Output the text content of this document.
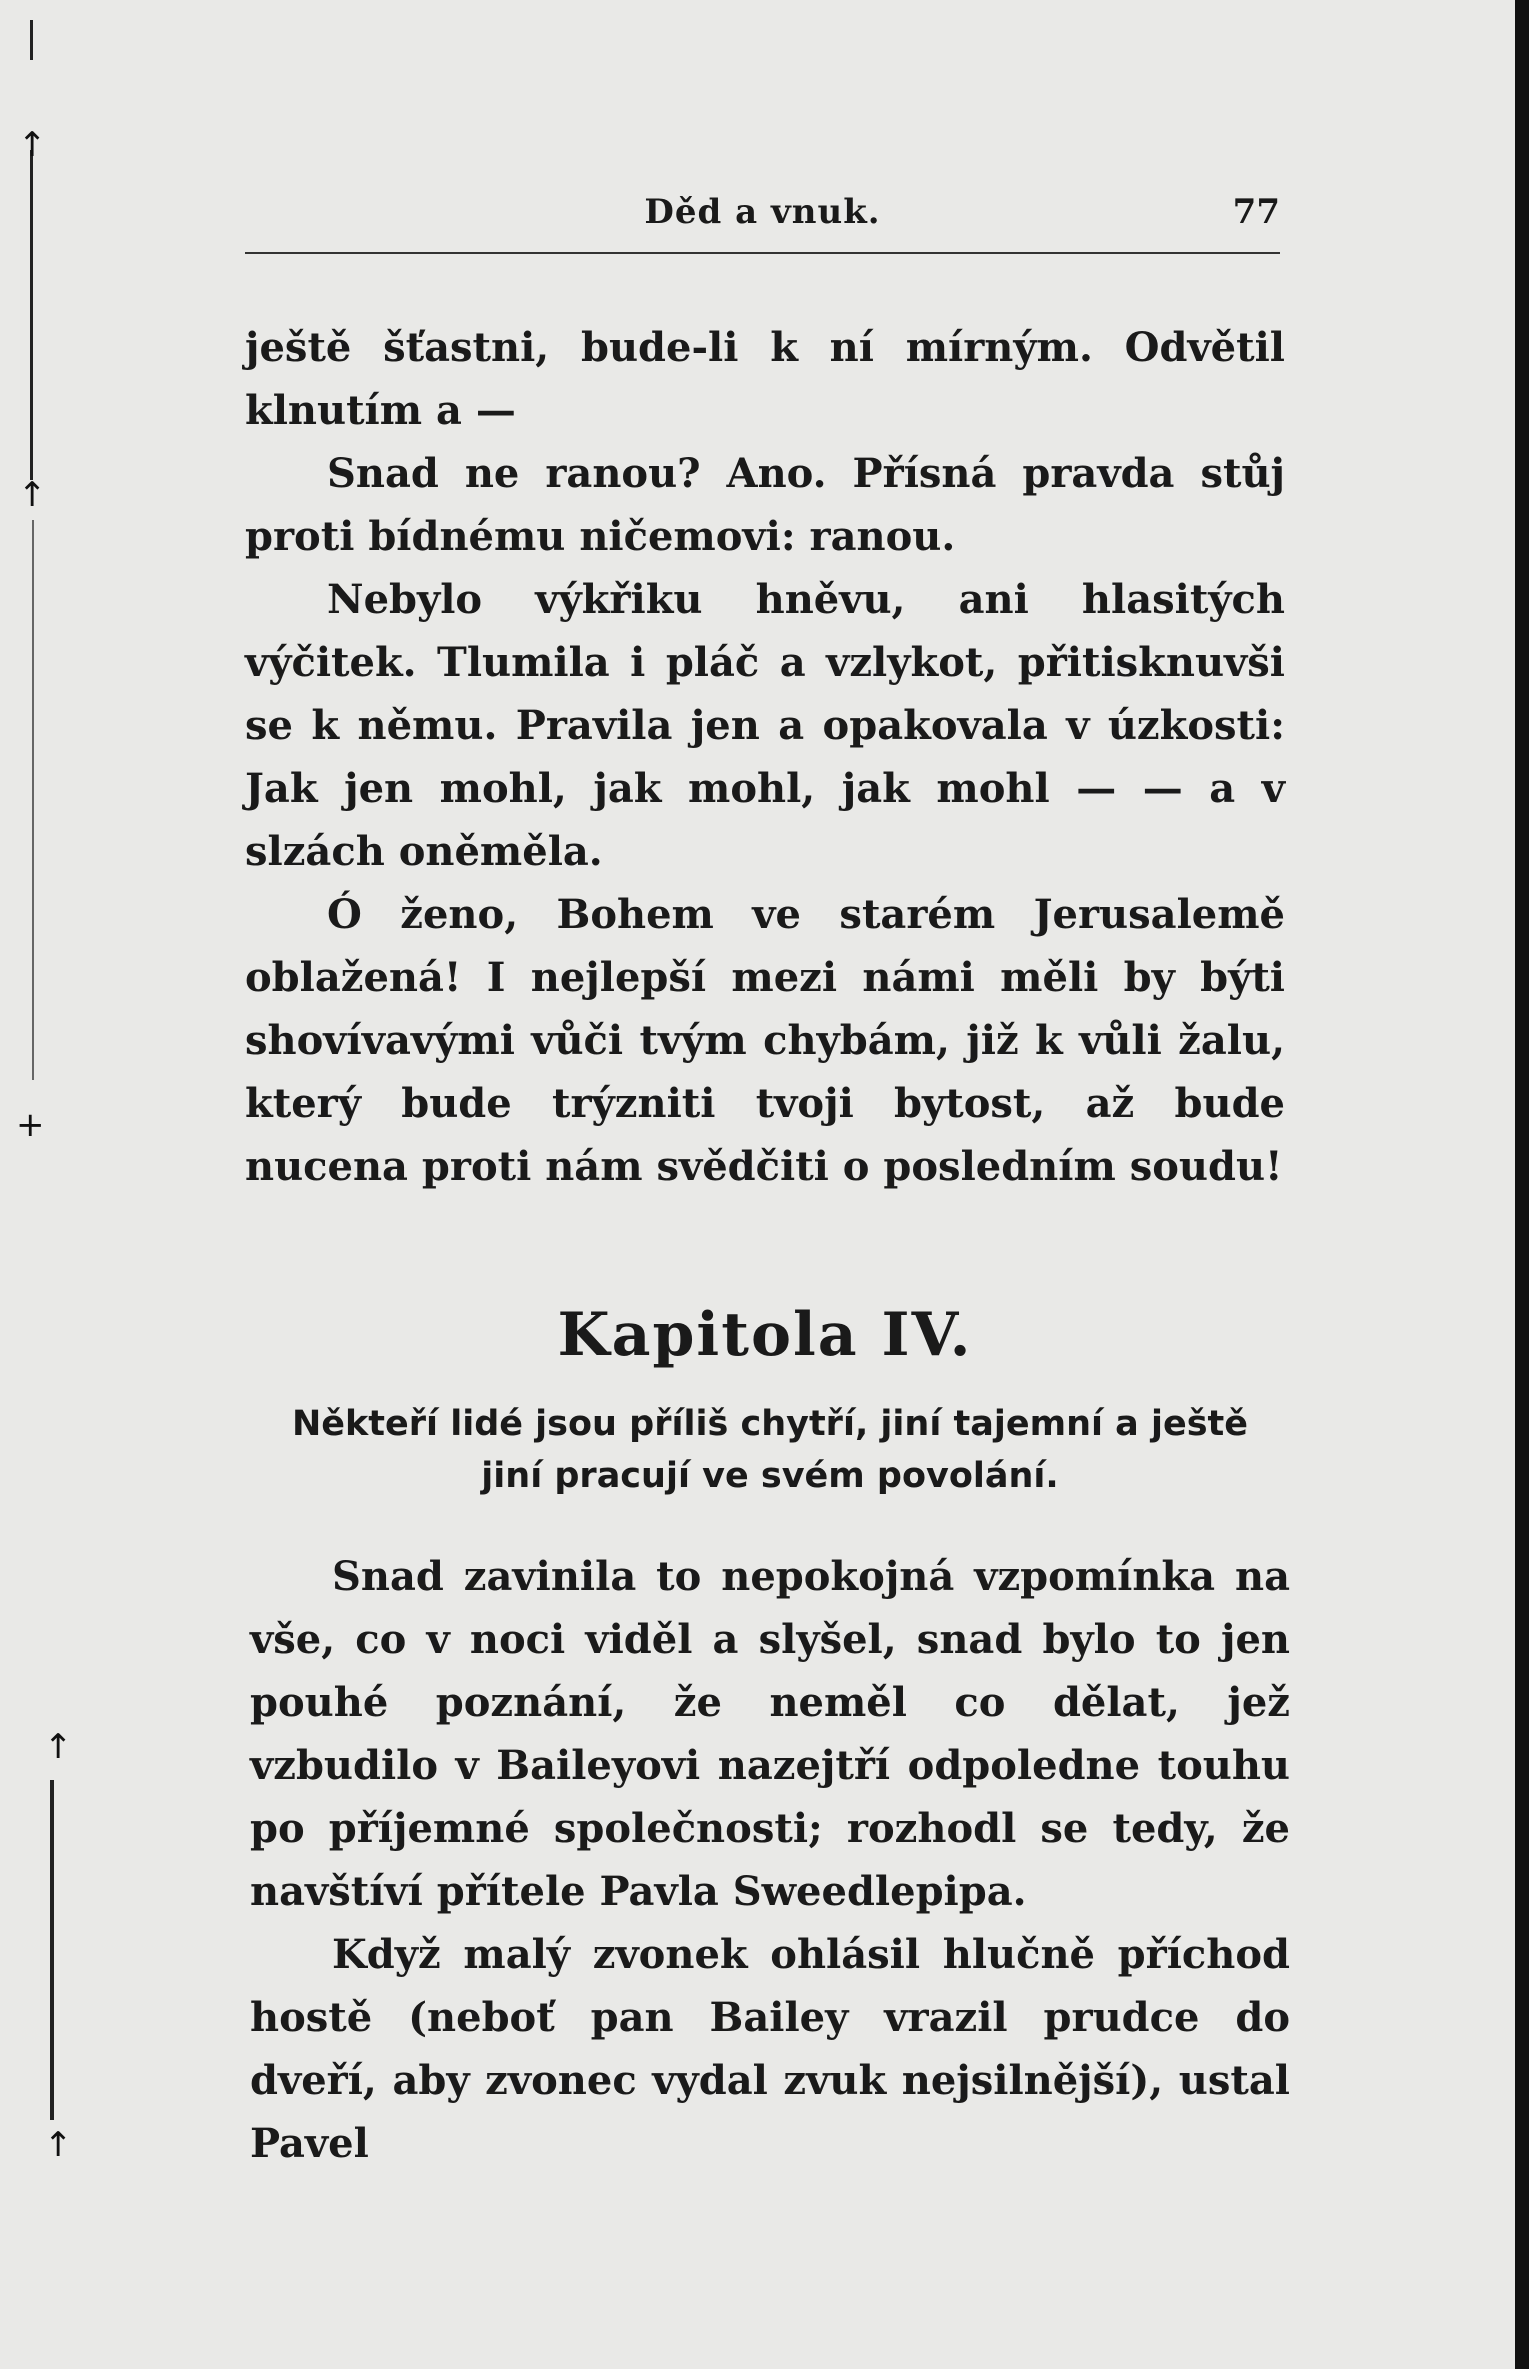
↑
↑
+
↑
↑
Děd a vnuk.	77

ještě šťastni, bude-li k ní mírným. Odvětil klnutím a —

Snad ne ranou? Ano. Přísná pravda stůj proti bídnému ničemovi: ranou.

Nebylo výkřiku hněvu, ani hlasitých výčitek. Tlumila i pláč a vzlykot, přitisknuvši se k němu. Pravila jen a opakovala v úzkosti: Jak jen mohl, jak mohl, jak mohl — — a v slzách oněměla.

Ó ženo, Bohem ve starém Jerusalemě oblažená! I nejlepší mezi námi měli by býti shovívavými vůči tvým chybám, již k vůli žalu, který bude trýzniti tvoji bytost, až bude nucena proti nám svědčiti o posledním soudu!

Kapitola IV.
Někteří lidé jsou příliš chytří, jiní tajemní a ještě
jiní pracují ve svém povolání.

Snad zavinila to nepokojná vzpomínka na vše, co v noci viděl a slyšel, snad bylo to jen pouhé poznání, že neměl co dělat, jež vzbudilo v Baileyovi nazejtří odpoledne touhu po příjemné společnosti; rozhodl se tedy, že navštíví přítele Pavla Sweedlepipa.

Když malý zvonek ohlásil hlučně příchod hostě (neboť pan Bailey vrazil prudce do dveří, aby zvonec vydal zvuk nejsilnější), ustal Pavel
